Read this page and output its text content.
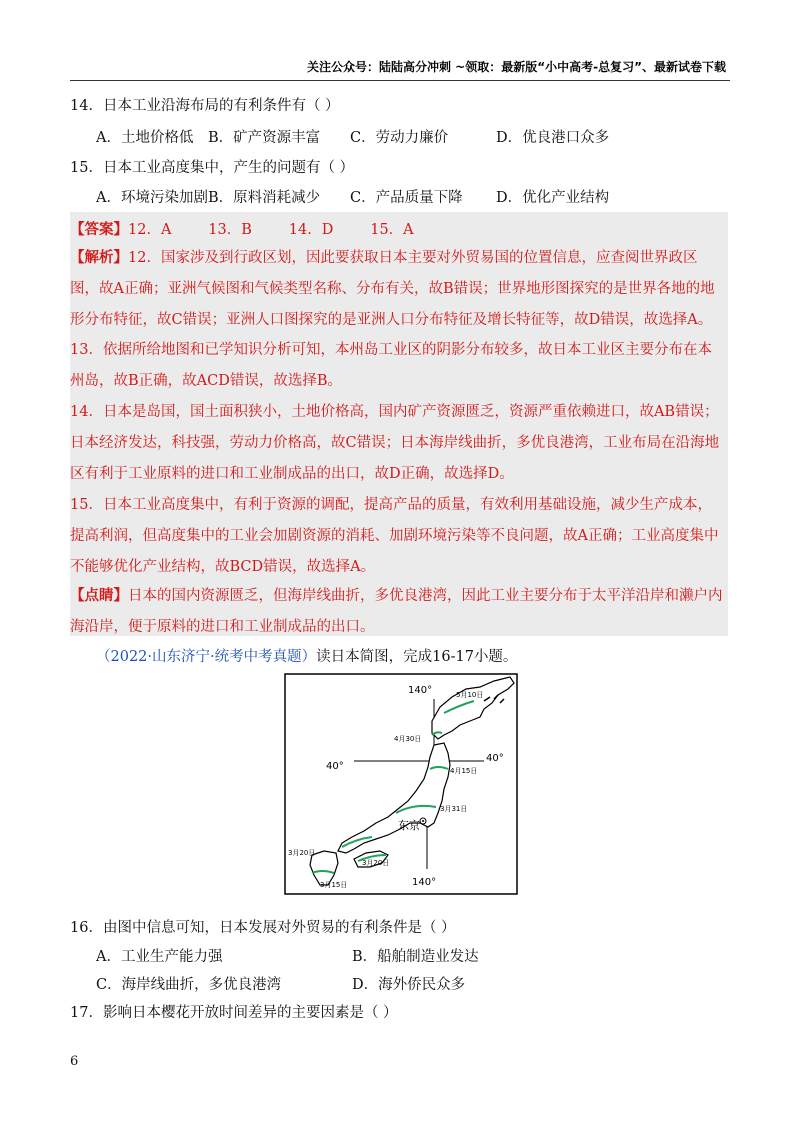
关注公众号：陆陆高分冲刺 ~领取：最新版“小中高考-总复习”、最新试卷下载
14．日本工业沿海布局的有利条件有（ ）
A．土地价格低 B．矿产资源丰富 C．劳动力廉价	D．优良港口众多
15．日本工业高度集中，产生的问题有（ ）
A．环境污染加剧B．原料消耗减少 C．产品质量下降 D．优化产业结构

【答案】12．A        13．B        14．D        15．A

【解析】12．国家涉及到行政区划，因此要获取日本主要对外贸易国的位置信息，应查阅世界政区图，故A正确；亚洲气候图和气候类型名称、分布有关，故B错误；世界地形图探究的是世界各地的地形分布特征，故C错误；亚洲人口图探究的是亚洲人口分布特征及增长特征等，故D错误，故选择A。

13．依据所给地图和已学知识分析可知，本州岛工业区的阴影分布较多，故日本工业区主要分布在本州岛，故B正确，故ACD错误，故选择B。

14．日本是岛国，国土面积狭小，土地价格高，国内矿产资源匮乏，资源严重依赖进口，故AB错误；日本经济发达，科技强，劳动力价格高，故C错误；日本海岸线曲折，多优良港湾，工业布局在沿海地区有利于工业原料的进口和工业制成品的出口，故D正确，故选择D。

15．日本工业高度集中，有利于资源的调配，提高产品的质量，有效利用基础设施，减少生产成本，提高利润，但高度集中的工业会加剧资源的消耗、加剧环境污染等不良问题，故A正确；工业高度集中不能够优化产业结构，故BCD错误，故选择A。

【点睛】日本的国内资源匮乏，但海岸线曲折，多优良港湾，因此工业主要分布于太平洋沿岸和濑户内海沿岸，便于原料的进口和工业制成品的出口。

（2022·山东济宁·统考中考真题）读日本简图，完成16-17小题。
140°
140°
40°
40°
东京
5月10日
4月30日
4月15日
3月31日
3月20日
3月20日
3月15日
16．由图中信息可知，日本发展对外贸易的有利条件是（ ）
A．工业生产能力强	B．船舶制造业发达
C．海岸线曲折，多优良港湾	D．海外侨民众多
17．影响日本樱花开放时间差异的主要因素是（ ）
6
